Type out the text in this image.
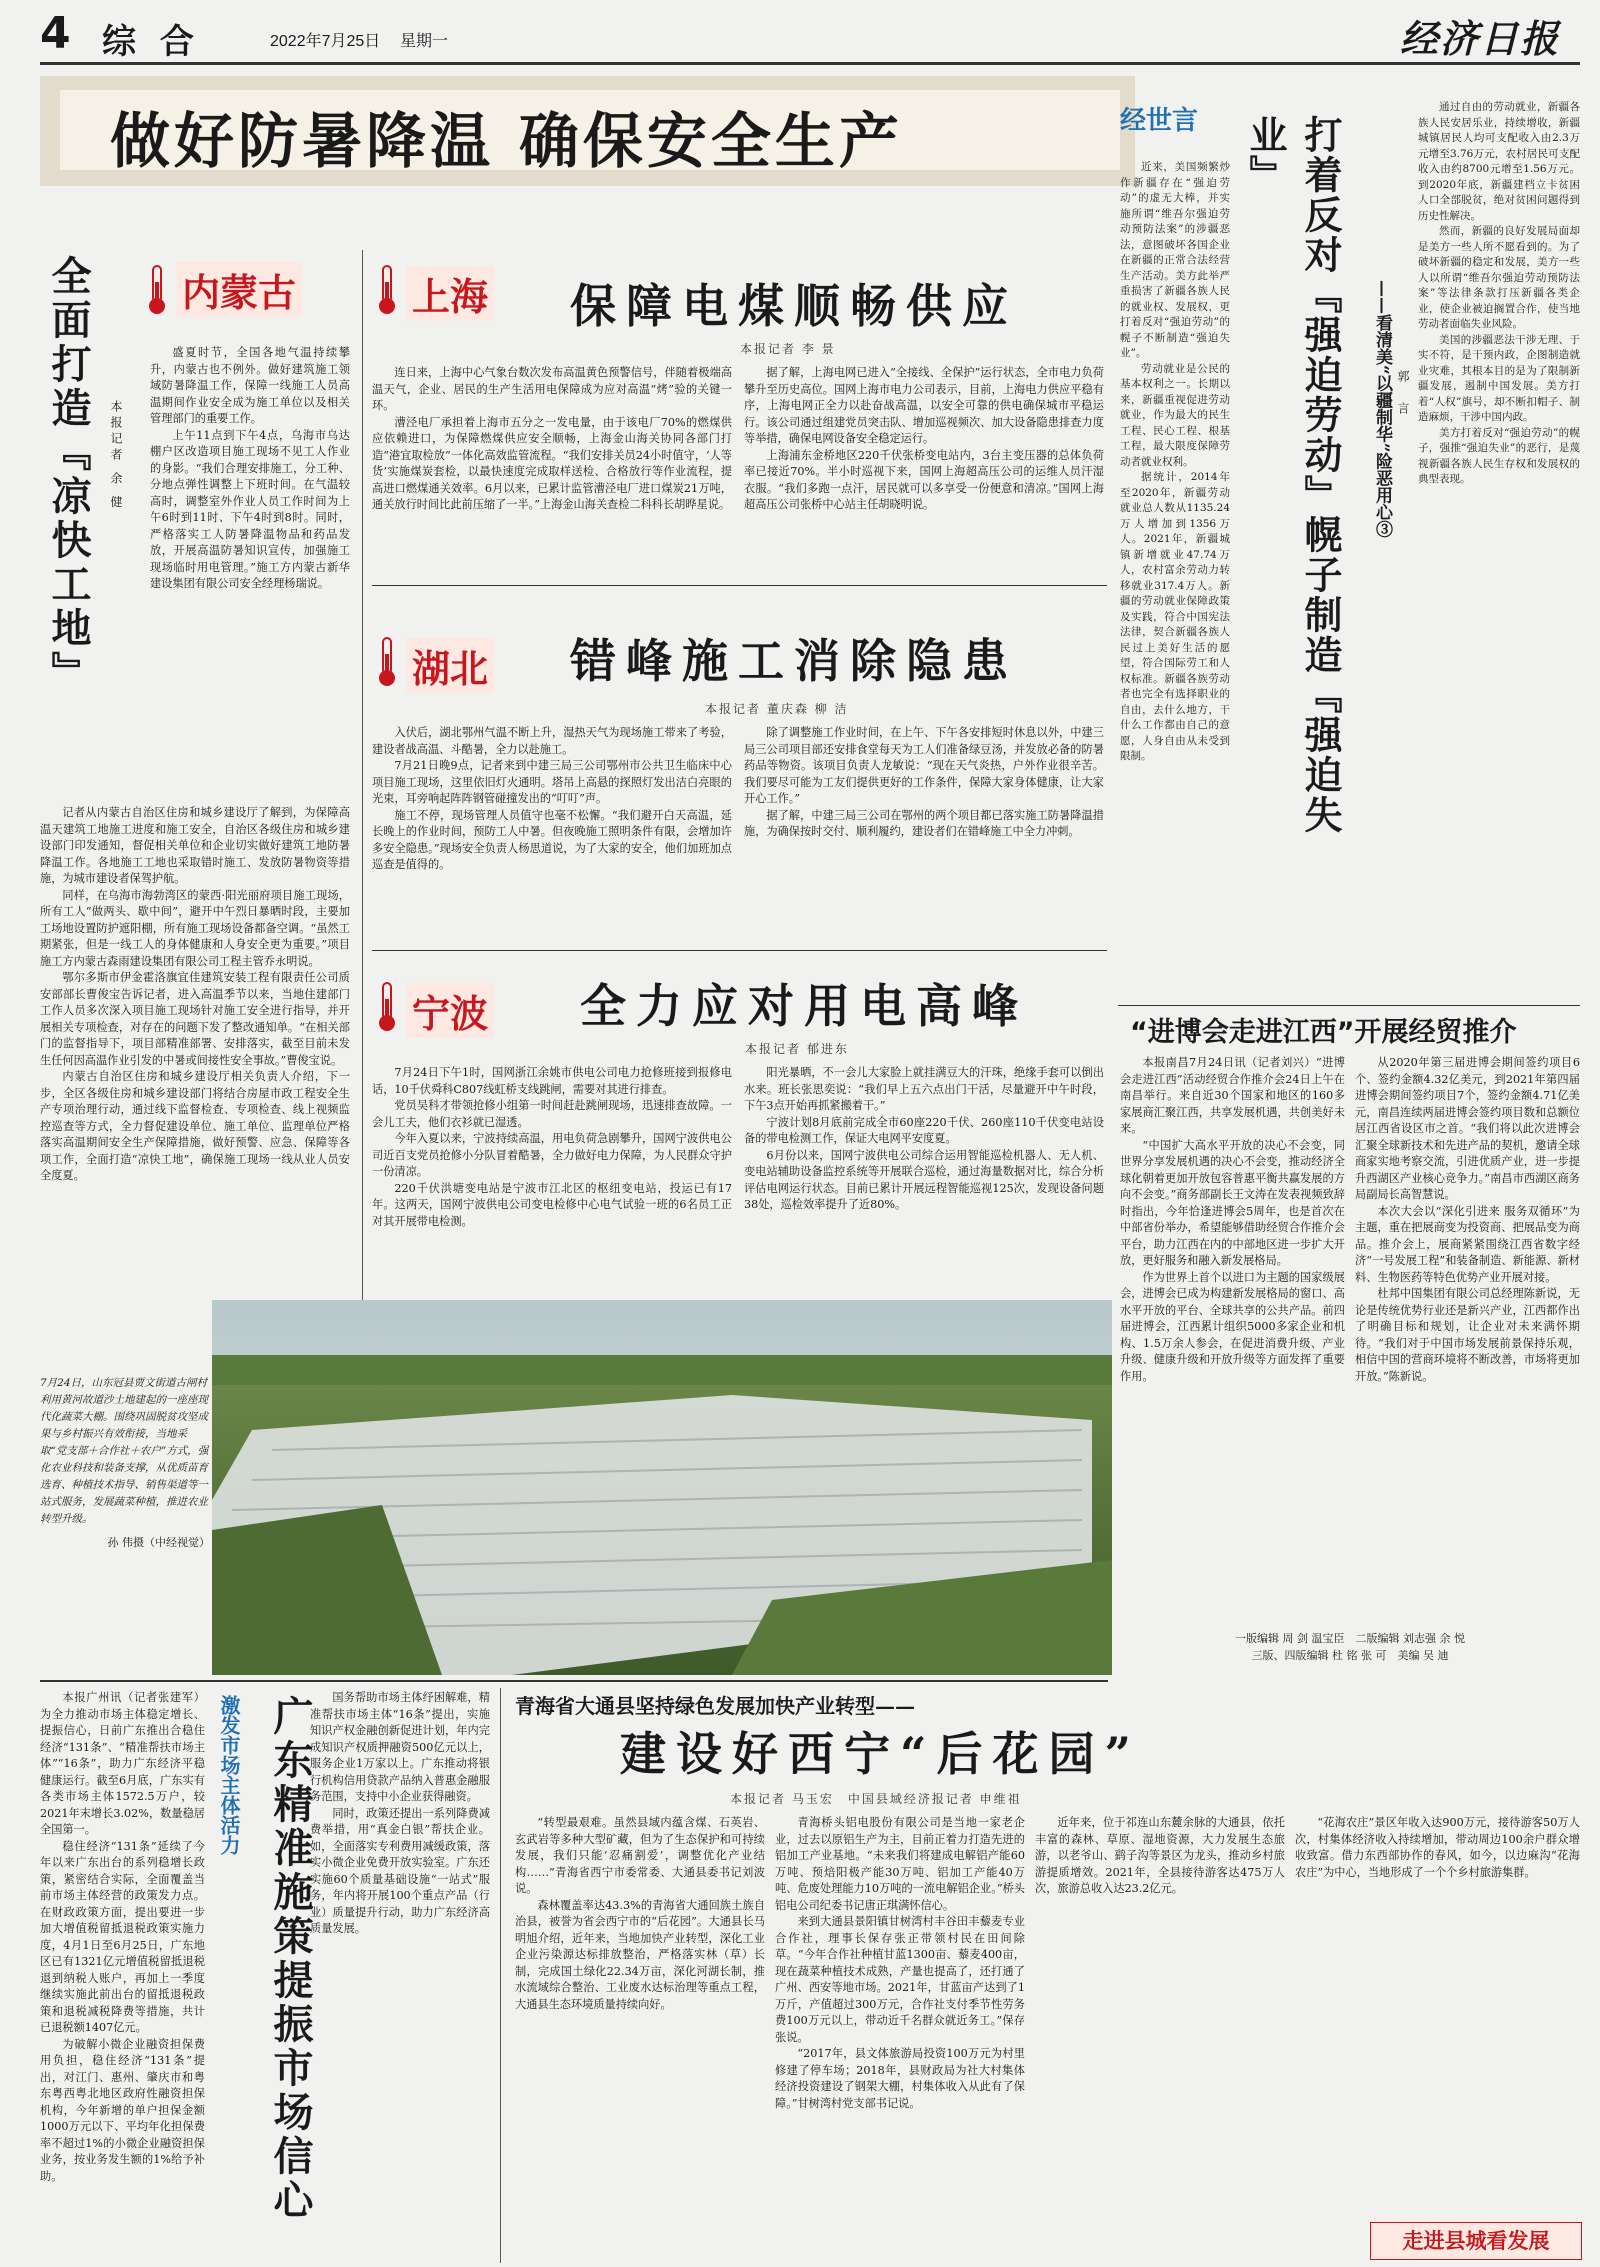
4 综 合	2022年7月25日 星期一	经济日报
做好防暑降温 确保安全生产
全面打造『凉快工地』	本报记者 余 健
内蒙古

盛夏时节，全国各地气温持续攀升，内蒙古也不例外。做好建筑施工领域防暑降温工作，保障一线施工人员高温期间作业安全成为施工单位以及相关管理部门的重要工作。

上午11点到下午4点，乌海市乌达棚户区改造项目施工现场不见工人作业的身影。“我们合理安排施工，分工种、分地点弹性调整上下班时间。在气温较高时，调整室外作业人员工作时间为上午6时到11时、下午4时到8时。同时，严格落实工人防暑降温物品和药品发放，开展高温防暑知识宣传，加强施工现场临时用电管理。”施工方内蒙古新华建设集团有限公司安全经理杨瑞说。

记者从内蒙古自治区住房和城乡建设厅了解到，为保障高温天建筑工地施工进度和施工安全，自治区各级住房和城乡建设部门印发通知，督促相关单位和企业切实做好建筑工地防暑降温工作。各地施工工地也采取错时施工、发放防暑物资等措施，为城市建设者保驾护航。

同样，在乌海市海勃湾区的蒙西·阳光丽府项目施工现场，所有工人“做两头、歇中间”，避开中午烈日暴晒时段，主要加工场地设置防护遮阳棚，所有施工现场设备都备空调。“虽然工期紧张，但是一线工人的身体健康和人身安全更为重要。”项目施工方内蒙古森雨建设集团有限公司工程主管乔永明说。

鄂尔多斯市伊金霍洛旗宜佳建筑安装工程有限责任公司质安部部长曹俊宝告诉记者，进入高温季节以来，当地住建部门工作人员多次深入项目施工现场针对施工安全进行指导，并开展相关专项检查，对存在的问题下发了整改通知单。“在相关部门的监督指导下，项目部精准部署、安排落实，截至目前未发生任何因高温作业引发的中暑或间接性安全事故。”曹俊宝说。

内蒙古自治区住房和城乡建设厅相关负责人介绍，下一步，全区各级住房和城乡建设部门将结合房屋市政工程安全生产专项治理行动，通过线下监督检查、专项检查、线上视频监控巡查等方式，全力督促建设单位、施工单位、监理单位严格落实高温期间安全生产保障措施，做好预警、应急、保障等各项工作，全面打造“凉快工地”，确保施工现场一线从业人员安全度夏。

上海 保障电煤顺畅供应
本报记者 李 景

连日来，上海中心气象台数次发布高温黄色预警信号，伴随着极端高温天气，企业、居民的生产生活用电保障成为应对高温“烤”验的关键一环。

漕泾电厂承担着上海市五分之一发电量，由于该电厂70%的燃煤供应依赖进口，为保障燃煤供应安全顺畅，上海金山海关协同各部门打造“港宜取检放”一体化高效监管流程。“我们安排关员24小时值守，‘人等货’实施煤炭套检，以最快速度完成取样送检、合格放行等作业流程，提高进口燃煤通关效率。6月以来，已累计监管漕泾电厂进口煤炭21万吨，通关放行时间比此前压缩了一半。”上海金山海关查检二科科长胡晔星说。

据了解，上海电网已进入“全接线、全保护”运行状态，全市电力负荷攀升至历史高位。国网上海市电力公司表示，目前，上海电力供应平稳有序，上海电网正全力以赴奋战高温，以安全可靠的供电确保城市平稳运行。该公司通过组建党员突击队、增加巡视频次、加大设备隐患排查力度等举措，确保电网设备安全稳定运行。

上海浦东金桥地区220千伏张桥变电站内，3台主变压器的总体负荷率已接近70%。半小时巡视下来，国网上海超高压公司的运维人员汗湿衣服。“我们多跑一点汗，居民就可以多享受一份便意和清凉。”国网上海超高压公司张桥中心站主任胡晓明说。

湖北 错峰施工消除隐患
本报记者 董庆森 柳 洁

入伏后，湖北鄂州气温不断上升，湿热天气为现场施工带来了考验，建设者战高温、斗酷暑，全力以赴施工。

7月21日晚9点，记者来到中建三局三公司鄂州市公共卫生临床中心项目施工现场，这里依旧灯火通明。塔吊上高悬的探照灯发出洁白亮眼的光束，耳旁响起阵阵钢管碰撞发出的“叮叮”声。

施工不停，现场管理人员值守也毫不松懈。“我们避开白天高温，延长晚上的作业时间，预防工人中暑。但夜晚施工照明条件有限，会增加许多安全隐患。”现场安全负责人杨思道说，为了大家的安全，他们加班加点巡查是值得的。

除了调整施工作业时间，在上午、下午各安排短时休息以外，中建三局三公司项目部还安排食堂每天为工人们准备绿豆汤，并发放必备的防暑药品等物资。该项目负责人龙敏说：“现在天气炎热，户外作业很辛苦。我们要尽可能为工友们提供更好的工作条件，保障大家身体健康，让大家开心工作。”

据了解，中建三局三公司在鄂州的两个项目都已落实施工防暑降温措施，为确保按时交付、顺利履约，建设者们在错峰施工中全力冲刺。

宁波 全力应对用电高峰
本报记者 郁进东

7月24日下午1时，国网浙江余姚市供电公司电力抢修班接到报修电话，10千伏舜科C807线虹桥支线跳闸，需要对其进行排查。

党员吴科才带领抢修小组第一时间赶赴跳闸现场，迅速排查故障。一会儿工夫，他们衣衫就已湿透。

今年入夏以来，宁波持续高温，用电负荷急剧攀升，国网宁波供电公司近百支党员抢修小分队冒着酷暑，全力做好电力保障，为人民群众守护一份清凉。

220千伏洪塘变电站是宁波市江北区的枢纽变电站，投运已有17年。这两天，国网宁波供电公司变电检修中心电气试验一班的6名员工正对其开展带电检测。

阳光暴晒，不一会儿大家脸上就挂满豆大的汗珠，绝缘手套可以倒出水来。班长张思奕说：“我们早上五六点出门干活，尽量避开中午时段，下午3点开始再抓紧搬着干。”

宁波计划8月底前完成全市60座220千伏、260座110千伏变电站设备的带电检测工作，保证大电网平安度夏。

6月份以来，国网宁波供电公司综合运用智能巡检机器人、无人机、变电站辅助设备监控系统等开展联合巡检，通过海量数据对比，综合分析评估电网运行状态。目前已累计开展远程智能巡视125次，发现设备问题38处，巡检效率提升了近80%。

7月24日，山东冠县贾文街道古闸村利用黄河故道沙土地建起的一座座现代化蔬菜大棚。围绕巩固脱贫攻坚成果与乡村振兴有效衔接，当地采取“党支部＋合作社＋农户”方式，强化农业科技和装备支撑，从优质苗育选育、种植技术指导、销售渠道等一站式服务，发展蔬菜种植，推进农业转型升级。
孙 伟摄（中经视觉）
经世言

近来，美国频繁炒作新疆存在“强迫劳动”的虚无大棒，并实施所谓“维吾尔强迫劳动预防法案”的涉疆恶法，意图破坏各国企业在新疆的正常合法经营生产活动。美方此举严重损害了新疆各族人民的就业权、发展权，更打着反对“强迫劳动”的幌子不断制造“强迫失业”。

劳动就业是公民的基本权利之一。长期以来，新疆重视促进劳动就业，作为最大的民生工程、民心工程、根基工程，最大限度保障劳动者就业权利。

据统计，2014年至2020年，新疆劳动就业总人数从1135.24万人增加到1356万人。2021年，新疆城镇新增就业47.74万人，农村富余劳动力转移就业317.4万人。新疆的劳动就业保障政策及实践，符合中国宪法法律，契合新疆各族人民过上美好生活的愿望，符合国际劳工和人权标准。新疆各族劳动者也完全有选择职业的自由，去什么地方，干什么工作都由自己的意愿，人身自由从未受到限制。	打着反对『强迫劳动』幌子制造『强迫失业』
——看清美“以疆制华”险恶用心③ 郭 言

通过自由的劳动就业，新疆各族人民安居乐业，持续增收，新疆城镇居民人均可支配收入由2.3万元增至3.76万元，农村居民可支配收入由约8700元增至1.56万元。到2020年底，新疆建档立卡贫困人口全部脱贫，绝对贫困问题得到历史性解决。

然而，新疆的良好发展局面却是美方一些人所不愿看到的。为了破坏新疆的稳定和发展，美方一些人以所谓“维吾尔强迫劳动预防法案”等法律条款打压新疆各类企业，使企业被迫搁置合作，使当地劳动者面临失业风险。

美国的涉疆恶法干涉无理、于实不符，是干预内政，企图制造就业灾难，其根本目的是为了限制新疆发展，遏制中国发展。美方打着“人权”旗号，却不断扣帽子、制造麻烦，干涉中国内政。

美方打着反对“强迫劳动”的幌子，强推“强迫失业”的恶行，是蔑视新疆各族人民生存权和发展权的典型表现。

“进博会走进江西”开展经贸推介

本报南昌7月24日讯（记者刘兴）“进博会走进江西”活动经贸合作推介会24日上午在南昌举行。来自近30个国家和地区的160多家展商汇聚江西，共享发展机遇，共创美好未来。

“中国扩大高水平开放的决心不会变，同世界分享发展机遇的决心不会变，推动经济全球化朝着更加开放包容普惠平衡共赢发展的方向不会变。”商务部副长王文涛在发表视频致辞时指出，今年恰逢进博会5周年，也是首次在中部省份举办，希望能够借助经贸合作推介会平台，助力江西在内的中部地区进一步扩大开放，更好服务和融入新发展格局。

作为世界上首个以进口为主题的国家级展会，进博会已成为构建新发展格局的窗口、高水平开放的平台、全球共享的公共产品。前四届进博会，江西累计组织5000多家企业和机构、1.5万余人参会，在促进消费升级、产业升级、健康升级和开放升级等方面发挥了重要作用。

从2020年第三届进博会期间签约项目6个、签约金额4.32亿美元，到2021年第四届进博会期间签约项目7个，签约金额4.71亿美元，南昌连续两届进博会签约项目数和总额位居江西省设区市之首。“我们将以此次进博会汇聚全球新技术和先进产品的契机，邀请全球商家实地考察交流，引进优质产业，进一步提升西湖区产业核心竞争力。”南昌市西湖区商务局副局长高智慧说。

本次大会以“深化引进来 服务双循环”为主题，重在把展商变为投资商、把展品变为商品。推介会上，展商紧紧围绕江西省数字经济“一号发展工程”和装备制造、新能源、新材料、生物医药等特色优势产业开展对接。

杜邦中国集团有限公司总经理陈新说，无论是传统优势行业还是新兴产业，江西都作出了明确目标和规划，让企业对未来满怀期待。“我们对于中国市场发展前景保持乐观，相信中国的营商环境将不断改善，市场将更加开放。”陈新说。

一版编辑 周 剑 温宝臣　二版编辑 刘志强 余 悦
三版、四版编辑 杜 铭 张 可　美编 吴 迪

本报广州讯（记者张建军）为全力推动市场主体稳定增长、提振信心，日前广东推出合稳住经济“131条”、“精准帮扶市场主体”“16条”，助力广东经济平稳健康运行。截至6月底，广东实有各类市场主体1572.5万户，较2021年末增长3.02%，数量稳居全国第一。

稳住经济“131条”延续了今年以来广东出台的系列稳增长政策，紧密结合实际，全面覆盖当前市场主体经营的政策发力点。在财政政策方面，提出要进一步加大增值税留抵退税政策实施力度，4月1日至6月25日，广东地区已有1321亿元增值税留抵退税退到纳税人账户，再加上一季度继续实施此前出台的留抵退税政策和退税减税降费等措施，共计已退税额1407亿元。

为破解小微企业融资担保费用负担，稳住经济“131条”提出，对江门、惠州、肇庆市和粤东粤西粤北地区政府性融资担保机构，今年新增的单户担保金额1000万元以下、平均年化担保费率不超过1%的小微企业融资担保业务，按业务发生额的1%给予补助。

激发市场主体活力 广东精准施策提振市场信心	国务帮助市场主体纾困解难，精准帮扶市场主体“16条”提出，实施知识产权金融创新促进计划，年内完成知识产权质押融资500亿元以上，服务企业1万家以上。广东推动将银行机构信用贷款产品纳入普惠金融服务范围，支持中小企业获得融资。

同时，政策还提出一系列降费减费举措，用“真金白银”帮扶企业。如，全面落实专利费用减缓政策，落实小微企业免费开放实验室。广东还实施60个质量基础设施“一站式”服务，年内将开展100个重点产品（行业）质量提升行动，助力广东经济高质量发展。

青海省大通县坚持绿色发展加快产业转型——
建设好西宁“后花园”
本报记者 马玉宏　中国县域经济报记者 申维祖

“转型最艰难。虽然县域内蕴含煤、石英岩、玄武岩等多种大型矿藏，但为了生态保护和可持续发展，我们只能‘忍痛割爱’，调整优化产业结构……”青海省西宁市委常委、大通县委书记刘波说。

森林覆盖率达43.3%的青海省大通回族土族自治县，被誉为省会西宁市的“后花园”。大通县长马明旭介绍，近年来，当地加快产业转型，深化工业企业污染源达标排放整治，严格落实林（草）长制，完成国土绿化22.34万亩，深化河湖长制，推水流域综合整治、工业废水达标治理等重点工程，大通县生态环境质量持续向好。

青海桥头铝电股份有限公司是当地一家老企业，过去以原铝生产为主，目前正着力打造先进的铝加工产业基地。“未来我们将建成电解铝产能60万吨、预焙阳极产能30万吨、铝加工产能40万吨、危废处理能力10万吨的一流电解铝企业。”桥头铝电公司纪委书记唐正琪满怀信心。

来到大通县景阳镇甘树湾村丰谷田丰藜麦专业合作社，理事长保存张正带领村民在田间除草。“今年合作社种植甘蓝1300亩、藜麦400亩，现在蔬菜种植技术成熟，产量也提高了，还打通了广州、西安等地市场。2021年，甘蓝亩产达到了1万斤，产值超过300万元，合作社支付季节性劳务费100万元以上，带动近千名群众就近务工。”保存张说。

“2017年，县文体旅游局投资100万元为村里修建了停车场；2018年，县财政局为社大村集体经济投资建设了钢架大棚，村集体收入从此有了保障。”甘树湾村党支部书记说。

近年来，位于祁连山东麓余脉的大通县，依托丰富的森林、草原、湿地资源，大力发展生态旅游，以老爷山、鹞子沟等景区为龙头，推动乡村旅游提质增效。2021年，全县接待游客达475万人次，旅游总收入达23.2亿元。

“花海农庄”景区年收入达900万元，接待游客50万人次，村集体经济收入持续增加，带动周边100余户群众增收致富。借力东西部协作的春风，如今，以边麻沟“花海农庄”为中心，当地形成了一个个乡村旅游集群。

走进县城看发展
